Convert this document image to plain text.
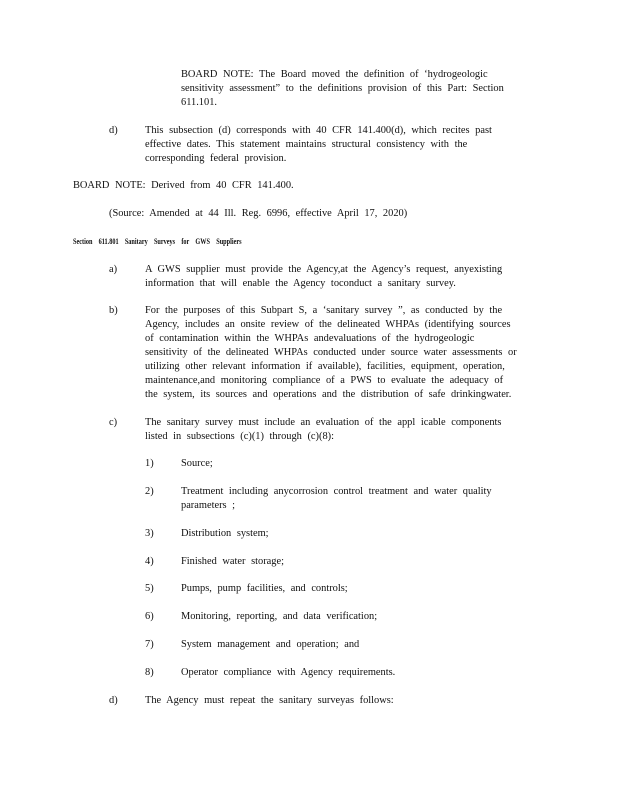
BOARD NOTE: The Board moved the definition of ‘hydrogeologic
sensitivity assessment” to the definitions provision of this Part: Section
611.101.
d)	This subsection (d) corresponds with 40 CFR 141.400(d), which recites past
effective dates. This statement maintains structural consistency with the
corresponding federal provision.
BOARD NOTE: Derived from 40 CFR 141.400.
(Source: Amended at 44 Ill. Reg. 6996, effective April 17, 2020)
Section 611.801 Sanitary Surveys for GWS Suppliers
a)	A GWS supplier must provide the Agency,at the Agency’s request, anyexisting
information that will enable the Agency toconduct a sanitary survey.
b)	For the purposes of this Subpart S, a ‘sanitary survey ”, as conducted by the
Agency, includes an onsite review of the delineated WHPAs (identifying sources
of contamination within the WHPAs andevaluations of the hydrogeologic
sensitivity of the delineated WHPAs conducted under source water assessments or
utilizing other relevant information if available), facilities, equipment, operation,
maintenance,and monitoring compliance of a PWS to evaluate the adequacy of
the system, its sources and operations and the distribution of safe drinkingwater.
c)	The sanitary survey must include an evaluation of the appl icable components
listed in subsections (c)(1) through (c)(8):
1)	Source;
2)	Treatment including anycorrosion control treatment and water quality
parameters ;
3)	Distribution system;
4)	Finished water storage;
5)	Pumps, pump facilities, and controls;
6)	Monitoring, reporting, and data verification;
7)	System management and operation; and
8)	Operator compliance with Agency requirements.
d)	The Agency must repeat the sanitary surveyas follows:
